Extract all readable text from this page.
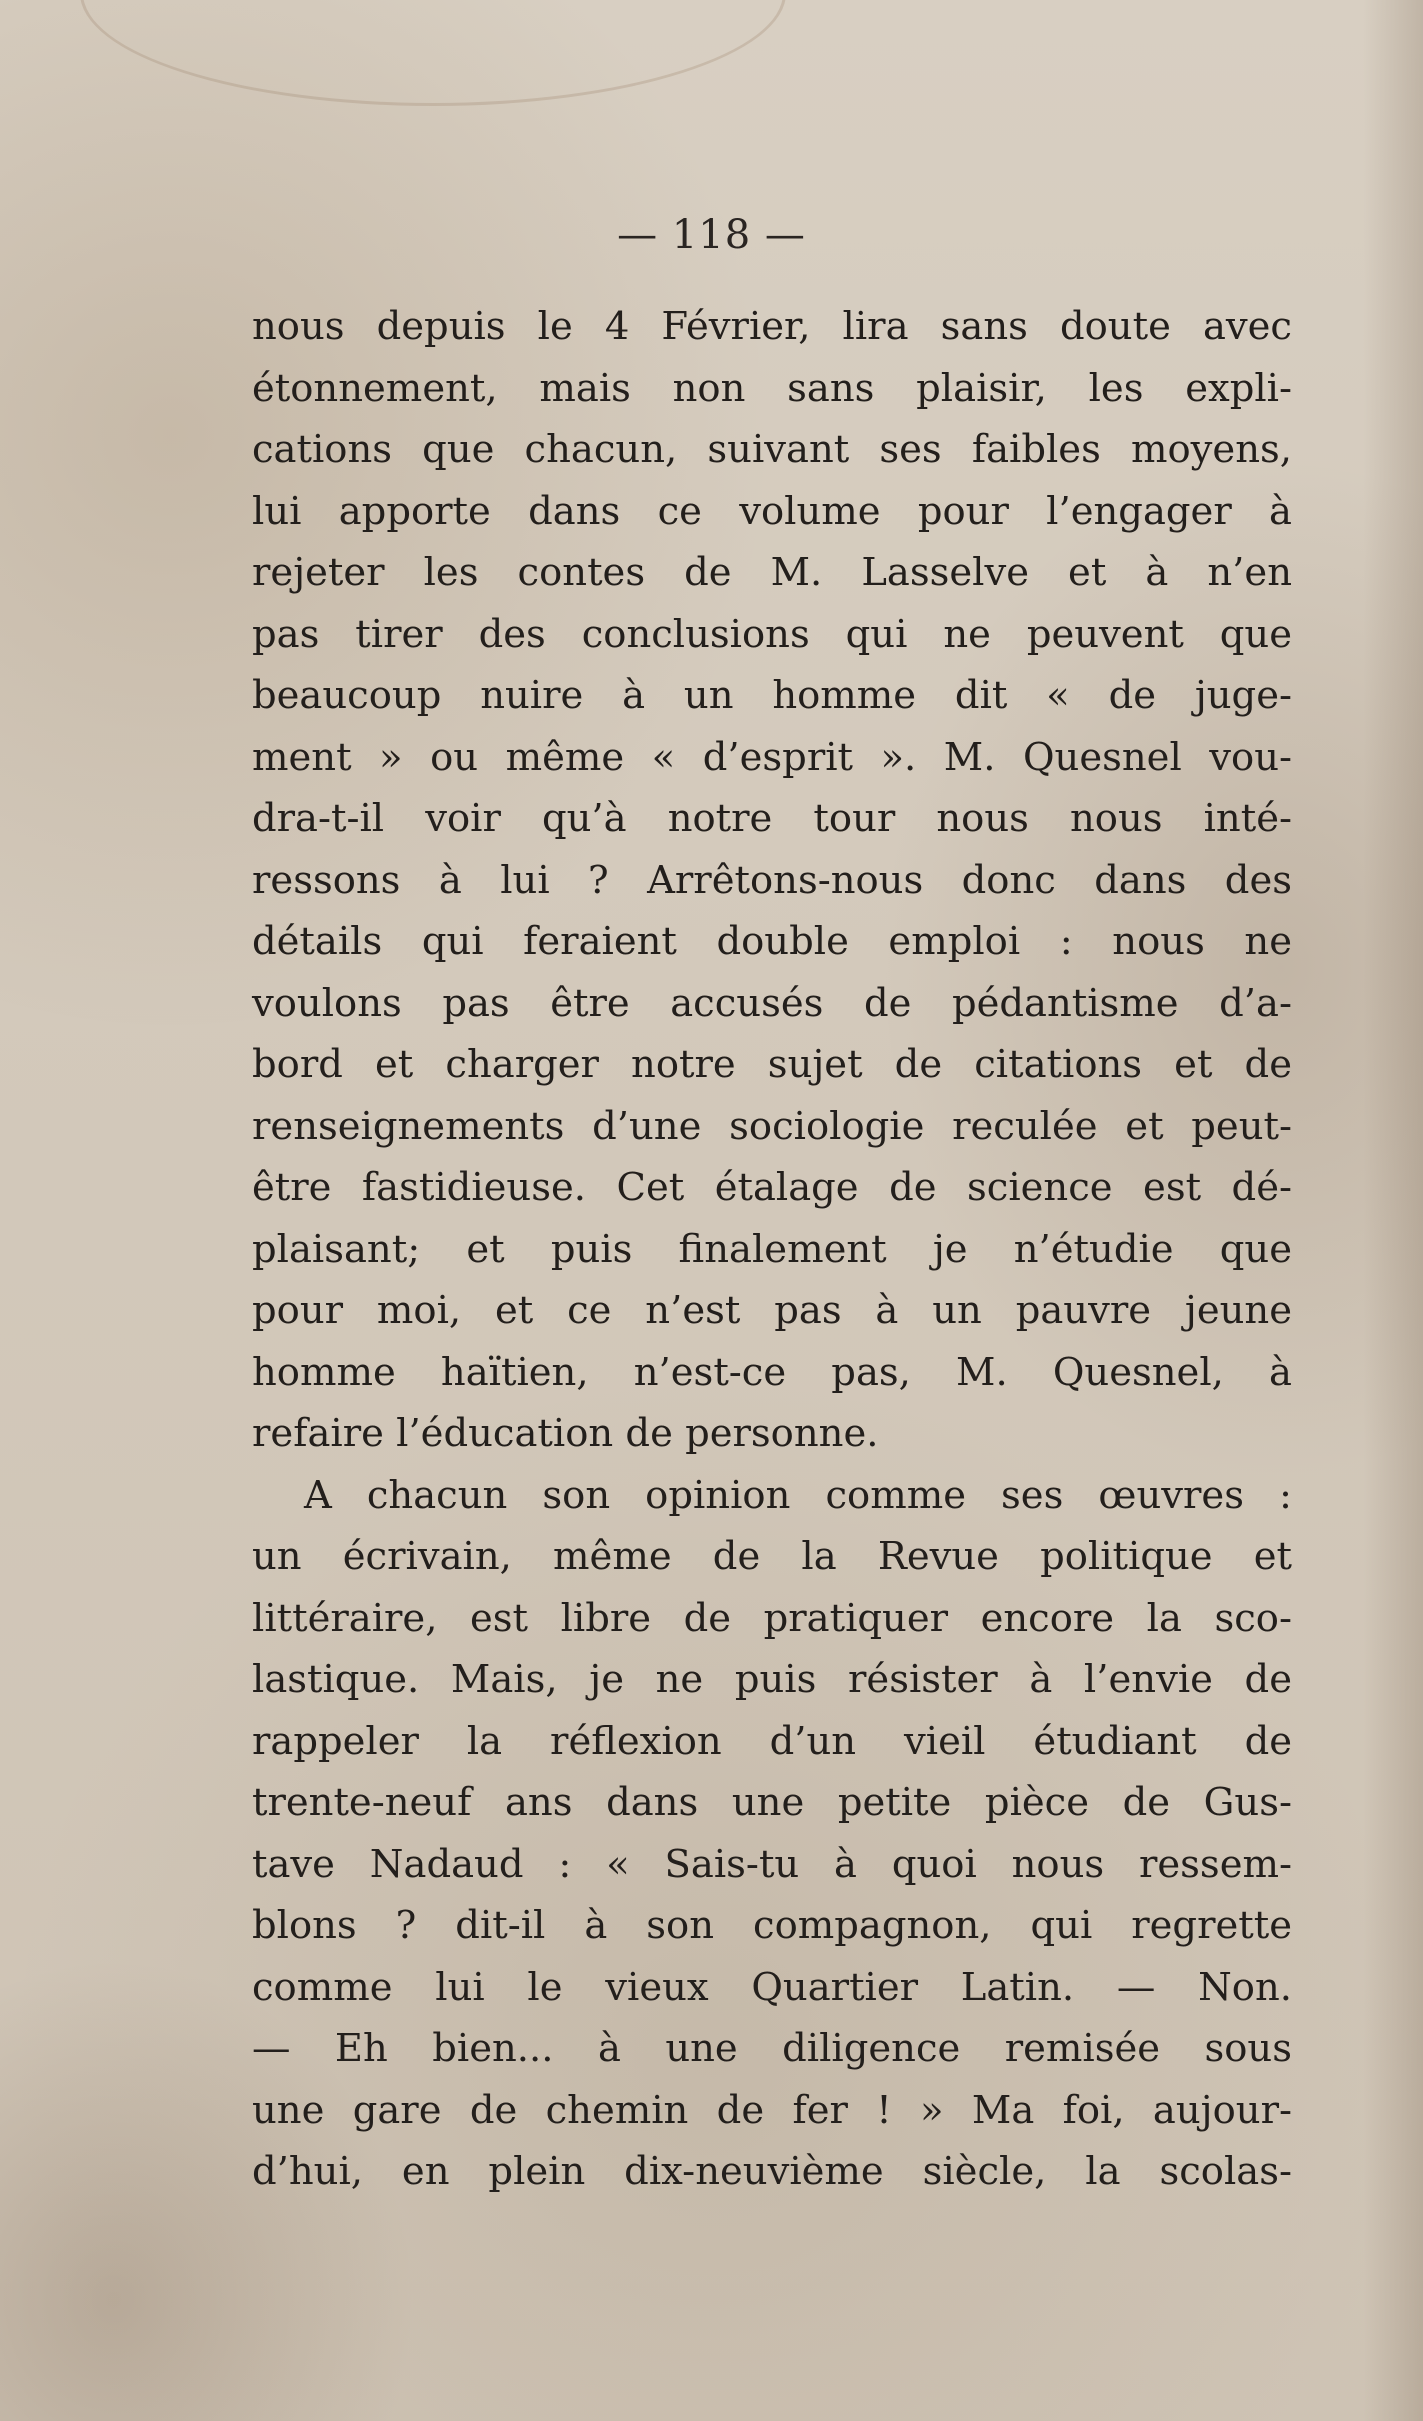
— 118 —
nous depuis le 4 Février, lira sans doute avec
étonnement, mais non sans plaisir, les expli-
cations que chacun, suivant ses faibles moyens,
lui apporte dans ce volume pour l’engager à
rejeter les contes de M. Lasselve et à n’en
pas tirer des conclusions qui ne peuvent que
beaucoup nuire à un homme dit « de juge-
ment » ou même « d’esprit ». M. Quesnel vou-
dra-t-il voir qu’à notre tour nous nous inté-
ressons à lui ? Arrêtons-nous donc dans des
détails qui feraient double emploi : nous ne
voulons pas être accusés de pédantisme d’a-
bord et charger notre sujet de citations et de
renseignements d’une sociologie reculée et peut-
être fastidieuse. Cet étalage de science est dé-
plaisant; et puis finalement je n’étudie que
pour moi, et ce n’est pas à un pauvre jeune
homme haïtien, n’est-ce pas, M. Quesnel, à
refaire l’éducation de personne.
A chacun son opinion comme ses œuvres :
un écrivain, même de la Revue politique et
littéraire, est libre de pratiquer encore la sco-
lastique. Mais, je ne puis résister à l’envie de
rappeler la réflexion d’un vieil étudiant de
trente-neuf ans dans une petite pièce de Gus-
tave Nadaud : « Sais-tu à quoi nous ressem-
blons ? dit-il à son compagnon, qui regrette
comme lui le vieux Quartier Latin. — Non.
— Eh bien... à une diligence remisée sous
une gare de chemin de fer ! » Ma foi, aujour-
d’hui, en plein dix-neuvième siècle, la scolas-
